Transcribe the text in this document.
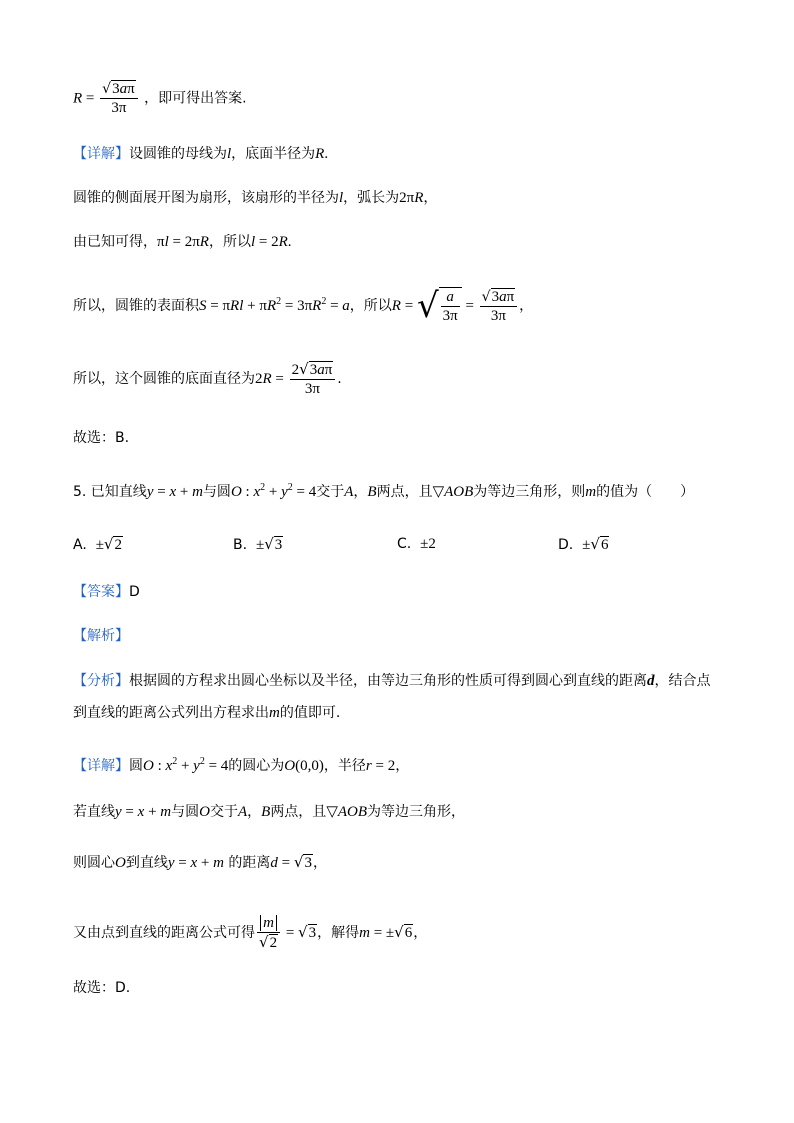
$R = \frac{√3a\pi}{3\pi}$ ，即可得出答案.
【详解】设圆锥的母线为l，底面半径为R.
圆锥的侧面展开图为扇形，该扇形的半径为l，弧长为2πR，
由已知可得，πl = 2πR，所以l = 2R.
所以，圆锥的表面积$S = \pi Rl + \pi R^2 = 3\pi R^2 = a$，所以R = √ $\frac{a}{3\pi} = \frac{√3a\pi}{3\pi}$ ，
所以，这个圆锥的底面直径为$2R = \frac{2√3a\pi}{3\pi}$ .
故选：B.
5. 已知直线y = x + m与圆O : $x^2 + y^2 = 4$交于A，B两点，且▽AOB为等边三角形，则m的值为（　　）
A. ±√2	B. ±√3	C. ±2	D. ±√6
【答案】D
【解析】
【分析】根据圆的方程求出圆心坐标以及半径，由等边三角形的性质可得到圆心到直线的距离d，结合点
到直线的距离公式列出方程求出m的值即可.
【详解】圆O : $x^2 + y^2 = 4$的圆心为O(0,0)，半径r = 2，
若直线y = x + m与圆O交于A，B两点，且▽AOB为等边三角形，
则圆心O到直线y = x + m 的距离d = √3，
又由点到直线的距离公式可得 $\frac{m}{√2} = √3$，解得m = ±√6，
故选：D.
